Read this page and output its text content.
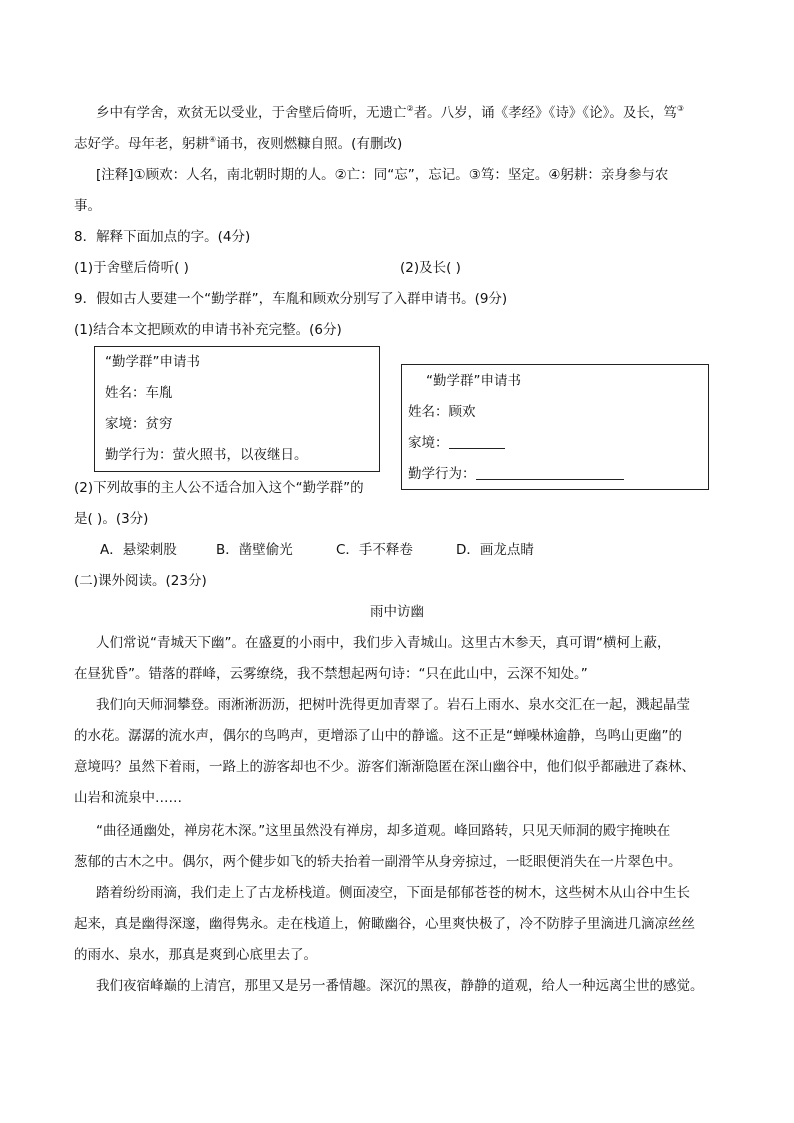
乡中有学舍，欢贫无以受业，于舍壁后倚听，无遗亡②者。八岁，诵《孝经》《诗》《论》。及长，笃③
志好学。母年老，躬耕④诵书，夜则燃糠自照。(有删改)
[注释]①顾欢：人名，南北朝时期的人。②亡：同“忘”，忘记。③笃：坚定。④躬耕：亲身参与农
事。
8．解释下面加点的字。(4分)
(1)于舍壁后倚听( )	(2)及长( )
9．假如古人要建一个“勤学群”，车胤和顾欢分别写了入群申请书。(9分)
(1)结合本文把顾欢的申请书补充完整。(6分)
“勤学群”申请书
姓名：车胤
家境：贫穷
勤学行为：萤火照书，以夜继日。
“勤学群”申请书
姓名：顾欢
家境：
勤学行为：
(2)下列故事的主人公不适合加入这个“勤学群”的
是( )。(3分)
A．悬梁刺股	B．凿壁偷光	C．手不释卷	D．画龙点睛
(二)课外阅读。(23分)
雨中访幽
人们常说“青城天下幽”。在盛夏的小雨中，我们步入青城山。这里古木参天，真可谓“横柯上蔽，
在昼犹昏”。错落的群峰，云雾缭绕，我不禁想起两句诗：“只在此山中，云深不知处。”
我们向天师洞攀登。雨淅淅沥沥，把树叶洗得更加青翠了。岩石上雨水、泉水交汇在一起，溅起晶莹
的水花。潺潺的流水声，偶尔的鸟鸣声，更增添了山中的静谧。这不正是“蝉噪林逾静，鸟鸣山更幽”的
意境吗？虽然下着雨，一路上的游客却也不少。游客们渐渐隐匿在深山幽谷中，他们似乎都融进了森林、
山岩和流泉中……
“曲径通幽处，禅房花木深。”这里虽然没有禅房，却多道观。峰回路转，只见天师洞的殿宇掩映在
葱郁的古木之中。偶尔，两个健步如飞的轿夫抬着一副滑竿从身旁掠过，一眨眼便消失在一片翠色中。
踏着纷纷雨滴，我们走上了古龙桥栈道。侧面凌空，下面是郁郁苍苍的树木，这些树木从山谷中生长
起来，真是幽得深邃，幽得隽永。走在栈道上，俯瞰幽谷，心里爽快极了，冷不防脖子里滴进几滴凉丝丝
的雨水、泉水，那真是爽到心底里去了。
我们夜宿峰巅的上清宫，那里又是另一番情趣。深沉的黑夜，静静的道观，给人一种远离尘世的感觉。
